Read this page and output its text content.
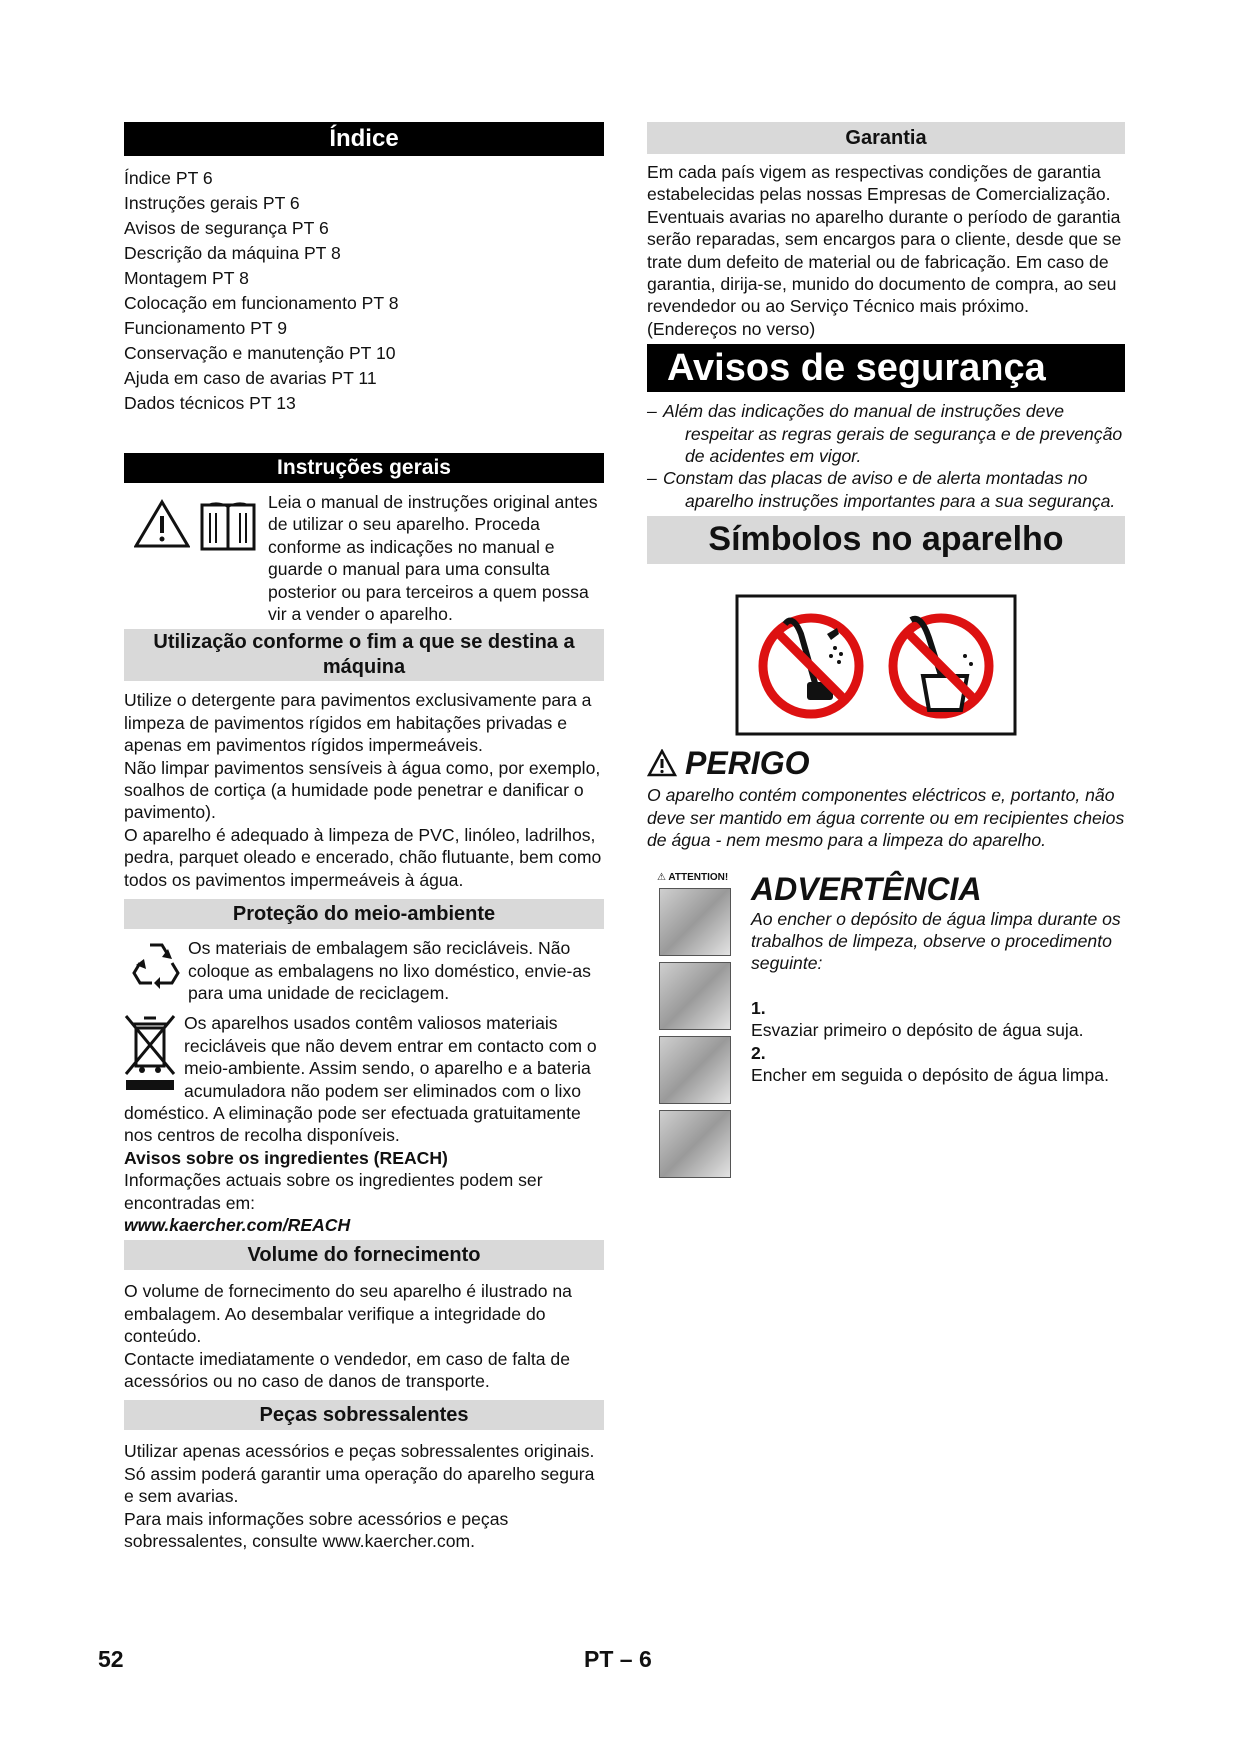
Índice
Índice PT 6
Instruções gerais PT 6
Avisos de segurança PT 6
Descrição da máquina PT 8
Montagem PT 8
Colocação em funcionamento PT 8
Funcionamento PT 9
Conservação e manutenção PT 10
Ajuda em caso de avarias PT 11
Dados técnicos PT 13
Instruções gerais

Leia o manual de instruções original antes de utilizar o seu aparelho. Proceda conforme as indicações no manual e guarde o manual para uma consulta posterior ou para terceiros a quem possa vir a vender o aparelho.

Utilização conforme o fim a que se destina a máquina

Utilize o detergente para pavimentos exclusivamente para a limpeza de pavimentos rígidos em habitações privadas e apenas em pavimentos rígidos impermeáveis.

Não limpar pavimentos sensíveis à água como, por exemplo, soalhos de cortiça (a humidade pode penetrar e danificar o pavimento).

O aparelho é adequado à limpeza de PVC, linóleo, ladrilhos, pedra, parquet oleado e encerado, chão flutuante, bem como todos os pavimentos impermeáveis à água.

Proteção do meio-ambiente

Os materiais de embalagem são recicláveis. Não coloque as embalagens no lixo doméstico, envie-as para uma unidade de reciclagem.

Os aparelhos usados contêm valiosos materiais recicláveis que não devem entrar em contacto com o meio-ambiente. Assim sendo, o aparelho e a bateria acumuladora não podem ser eliminados com o lixo doméstico. A eliminação pode ser efectuada gratuitamente nos centros de recolha disponíveis.

Avisos sobre os ingredientes (REACH)

Informações actuais sobre os ingredientes podem ser encontradas em:

www.kaercher.com/REACH

Volume do fornecimento

O volume de fornecimento do seu aparelho é ilustrado na embalagem. Ao desembalar verifique a integridade do conteúdo.

Contacte imediatamente o vendedor, em caso de falta de acessórios ou no caso de danos de transporte.

Peças sobressalentes

Utilizar apenas acessórios e peças sobressalentes originais. Só assim poderá garantir uma operação do aparelho segura e sem avarias.

Para mais informações sobre acessórios e peças sobressalentes, consulte www.kaercher.com.

Garantia

Em cada país vigem as respectivas condições de garantia estabelecidas pelas nossas Empresas de Comercialização. Eventuais avarias no aparelho durante o período de garantia serão reparadas, sem encargos para o cliente, desde que se trate dum defeito de material ou de fabricação. Em caso de garantia, dirija-se, munido do documento de compra, ao seu revendedor ou ao Serviço Técnico mais próximo.

(Endereços no verso)

Avisos de segurança
– Além das indicações do manual de instruções deve respeitar as regras gerais de segurança e de prevenção de acidentes em vigor.
– Constam das placas de aviso e de alerta montadas no aparelho instruções importantes para a sua segurança.
Símbolos no aparelho
PERIGO

O aparelho contém componentes eléctricos e, portanto, não deve ser mantido em água corrente ou em recipientes cheios de água - nem mesmo para a limpeza do aparelho.

⚠ ATTENTION! ADVERTÊNCIA

Ao encher o depósito de água limpa durante os trabalhos de limpeza, observe o procedimento seguinte:

1.

Esvaziar primeiro o depósito de água suja.

2.

Encher em seguida o depósito de água limpa.

52	PT – 6
